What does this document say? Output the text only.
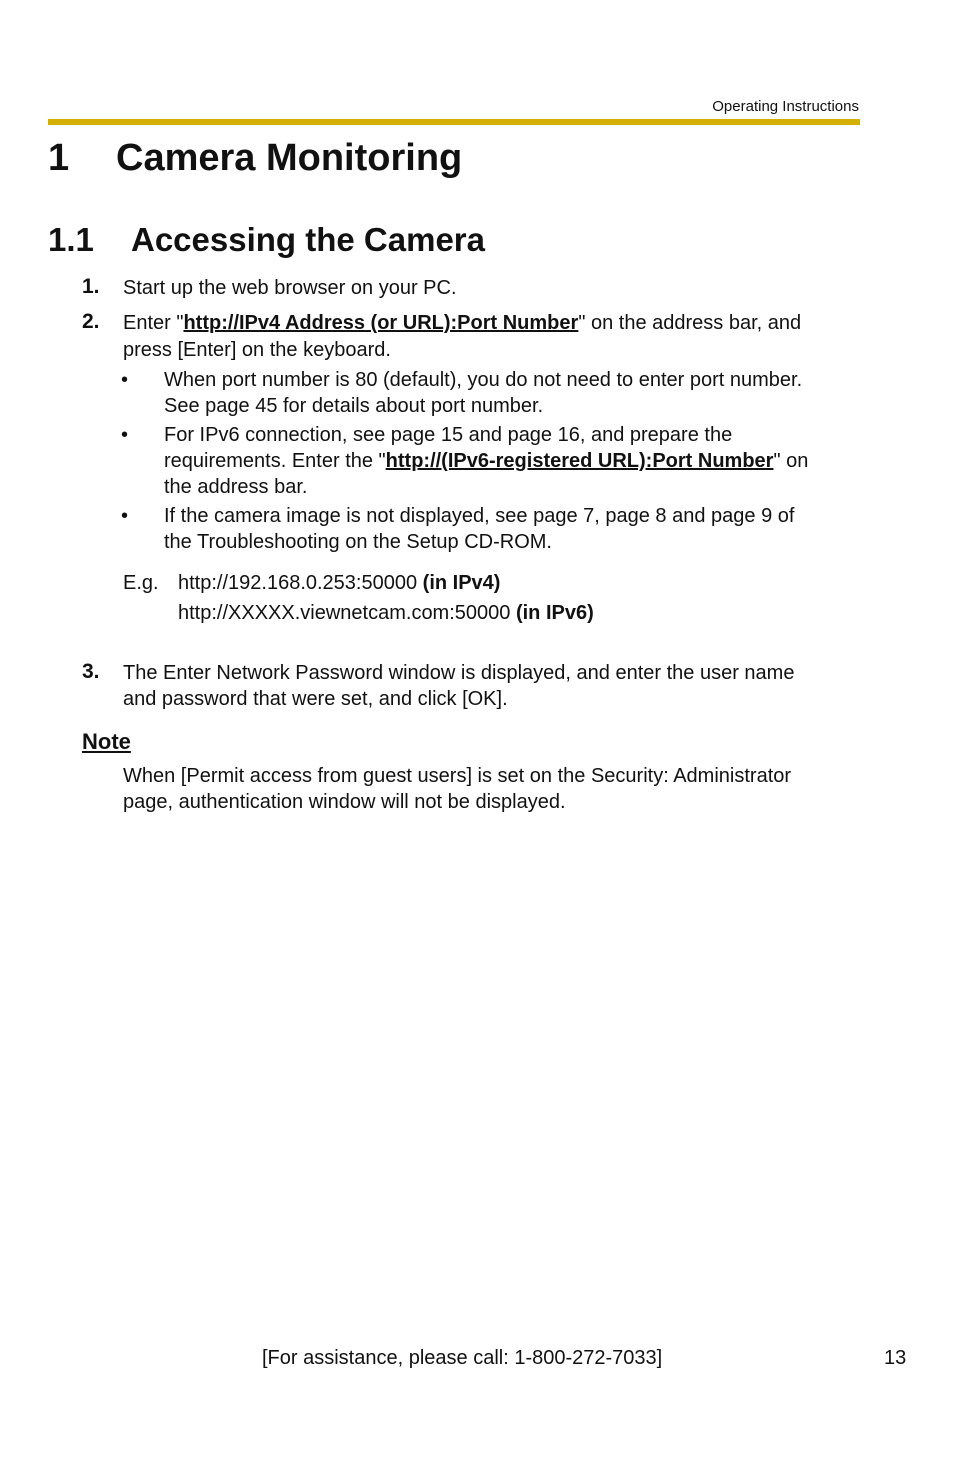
Operating Instructions
1 Camera Monitoring
1.1 Accessing the Camera
1. Start up the web browser on your PC.
2. Enter "http://IPv4 Address (or URL):Port Number" on the address bar, and
press [Enter] on the keyboard.
• When port number is 80 (default), you do not need to enter port number.
See page 45 for details about port number.
• For IPv6 connection, see page 15 and page 16, and prepare the
requirements. Enter the "http://(IPv6-registered URL):Port Number" on
the address bar.
• If the camera image is not displayed, see page 7, page 8 and page 9 of
the Troubleshooting on the Setup CD-ROM.
E.g. http://192.168.0.253:50000 (in IPv4)
http://XXXXX.viewnetcam.com:50000 (in IPv6)
3. The Enter Network Password window is displayed, and enter the user name
and password that were set, and click [OK].
Note
When [Permit access from guest users] is set on the Security: Administrator
page, authentication window will not be displayed.
[For assistance, please call: 1-800-272-7033]	13
